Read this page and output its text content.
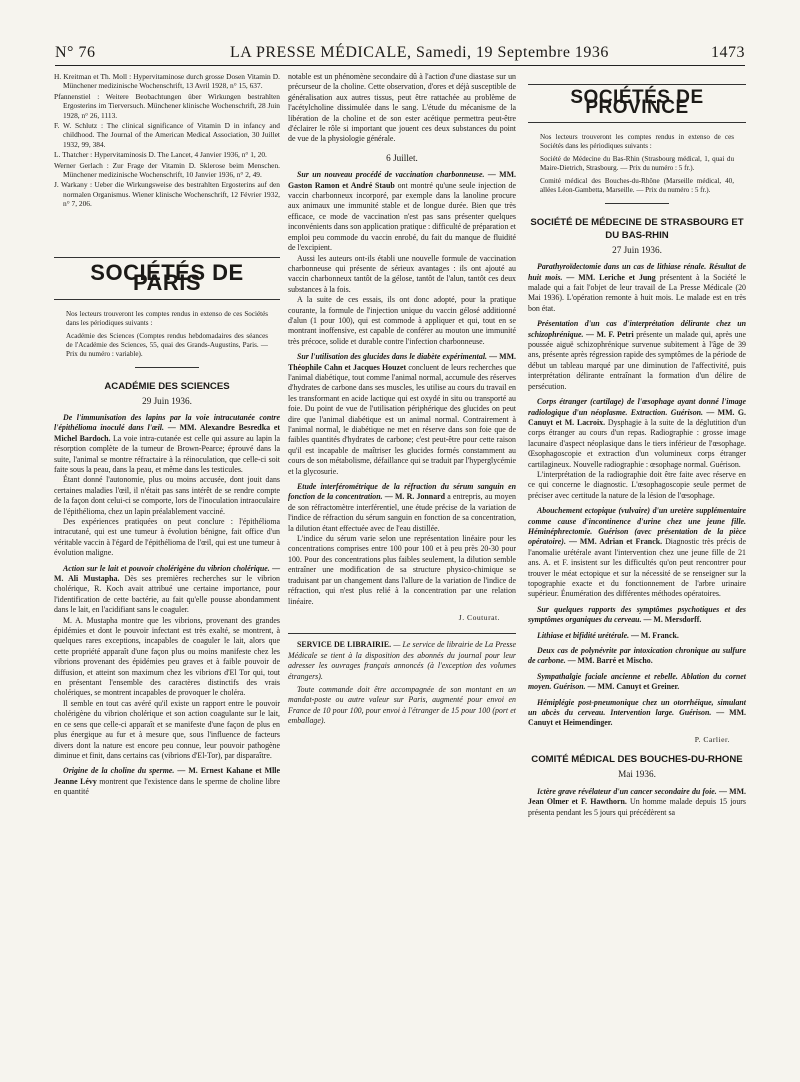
N° 76	LA PRESSE MÉDICALE, Samedi, 19 Septembre 1936	1473
H. Kreitman et Th. Moll : Hypervitaminose durch grosse Dosen Vitamin D. Münchener medizinische Wochenschrift, 13 Avril 1928, n° 15, 637.
Pfannenstiel : Weitere Beobachtungen über Wirkungen bestrahlten Ergosterins im Tierversuch. Münchener klinische Wochenschrift, 28 Juin 1928, n° 26, 1113.
F. W. Schlutz : The clinical significance of Vitamin D in infancy and childhood. The Journal of the American Medical Association, 30 Juillet 1932, 99, 384.
L. Thatcher : Hypervitaminosis D. The Lancet, 4 Janvier 1936, n° 1, 20.
Werner Gerlach : Zur Frage der Vitamin D. Sklerose beim Menschen. Münchener medizinische Wochenschrift, 10 Janvier 1936, n° 2, 49.
J. Warkany : Ueber die Wirkungsweise des bestrahlten Ergosterins auf den normalen Organismus. Wiener klinische Wochenschrift, 12 Février 1932, n° 7, 206.
SOCIÉTÉS DE PARIS

Nos lecteurs trouveront les comptes rendus in extenso de ces Sociétés dans les périodiques suivants :

Académie des Sciences (Comptes rendus hebdomadaires des séances de l'Académie des Sciences, 55, quai des Grands-Augustins, Paris. — Prix du numéro : variable).

ACADÉMIE DES SCIENCES
29 Juin 1936.

De l'immunisation des lapins par la voie intracutanée contre l'épithélioma inoculé dans l'œil. — MM. Alexandre Besredka et Michel Bardoch. La voie intra-cutanée est celle qui assure au lapin la résorption complète de la tumeur de Brown-Pearce; éprouvé dans la suite, l'animal se montre réfractaire à la réinoculation, que celle-ci soit faite sous la peau, dans la peau, et même dans les testicules.

Étant donné l'autonomie, plus ou moins accusée, dont jouit dans certaines maladies l'œil, il n'était pas sans intérêt de se rendre compte de la façon dont celui-ci se comporte, lors de l'inoculation intraoculaire de l'épithélioma, chez un lapin préalablement vacciné.

Des expériences pratiquées on peut conclure : l'épithélioma intracutané, qui est une tumeur à évolution bénigne, fait office d'un véritable vaccin à l'égard de l'épithélioma de l'œil, qui est une tumeur à évolution maligne.

Action sur le lait et pouvoir cholérigène du vibrion cholérique. — M. Ali Mustapha. Dès ses premières recherches sur le vibrion cholérique, R. Koch avait attribué une certaine importance, pour l'identification de cette bactérie, au fait qu'elle pousse abondamment dans le lait, en l'acidifiant sans le coaguler.

M. A. Mustapha montre que les vibrions, provenant des grandes épidémies et dont le pouvoir infectant est très exalté, se montrent, à quelques rares exceptions, incapables de coaguler le lait, alors que cette propriété apparaît d'une façon plus ou moins manifeste chez les vibrions provenant des épidémies peu graves et à faible pouvoir de diffusion, et atteint son maximum chez les vibrions d'El Tor qui, tout en présentant l'ensemble des caractères distinctifs des vrais cholériques, se montrent incapables de provoquer le choléra.

Il semble en tout cas avéré qu'il existe un rapport entre le pouvoir cholérigène du vibrion cholérique et son action coagulante sur le lait, en ce sens que celle-ci apparaît et se manifeste d'une façon de plus en plus énergique au fur et à mesure que, sous l'influence de facteurs divers dont la nature est encore peu connue, leur pouvoir pathogène diminue et finit, dans certains cas (vibrions d'El-Tor), par disparaître.

Origine de la choline du sperme. — M. Ernest Kahane et Mlle Jeanne Lévy montrent que l'existence dans le sperme de choline libre en quantité

notable est un phénomène secondaire dû à l'action d'une diastase sur un précurseur de la choline. Cette observation, d'ores et déjà susceptible de généralisation aux autres tissus, peut être rattachée au problème de l'acétylcholine dissimulée dans le sang. L'étude du mécanisme de la libération de la choline et de son ester acétique permettra peut-être d'éclairer le rôle si important que jouent ces deux substances du point de vue de la physiologie générale.

6 Juillet.

Sur un nouveau procédé de vaccination charbonneuse. — MM. Gaston Ramon et André Staub ont montré qu'une seule injection de vaccin charbonneux incorporé, par exemple dans la lanoline procure aux animaux une immunité stable et de longue durée. Bien que très efficace, ce mode de vaccination n'est pas sans présenter quelques inconvénients dans son application pratique : difficulté de préparation et emploi peu commode du vaccin enrobé, du fait du manque de fluidité de l'excipient.

Aussi les auteurs ont-ils établi une nouvelle formule de vaccination charbonneuse qui présente de sérieux avantages : ils ont ajouté au vaccin charbonneux tantôt de la gélose, tantôt de l'alun, tantôt ces deux substances à la fois.

A la suite de ces essais, ils ont donc adopté, pour la pratique courante, la formule de l'injection unique du vaccin gélosé additionné d'alun (1 pour 100), qui est commode à appliquer et qui, tout en se montrant inoffensive, est capable de conférer au mouton une immunité très précoce, solide et durable contre l'infection charbonneuse.

Sur l'utilisation des glucides dans le diabète expérimental. — MM. Théophile Cahn et Jacques Houzet concluent de leurs recherches que l'animal diabétique, tout comme l'animal normal, accumule des réserves d'hydrates de carbone dans ses muscles, les utilise au cours du travail en les transformant en acide lactique qui est oxydé in situ ou transporté au foie. Du point de vue de l'utilisation périphérique des glucides on peut dire que l'animal diabétique est un animal normal. Contrairement à l'animal normal, le diabétique ne met en réserve dans son foie que de faibles quantités d'hydrates de carbone; c'est peut-être pour cette raison qu'il est incapable de maîtriser les glucides formés constamment au cours de son métabolisme, défaillance qui se traduit par l'hyperglycémie et la glycosurie.

Etude interférométrique de la réfraction du sérum sanguin en fonction de la concentration. — M. R. Jonnard a entrepris, au moyen de son réfractomètre interférentiel, une étude précise de la variation de l'indice de réfraction du sérum sanguin en fonction de sa concentration, la dilution étant effectuée avec de l'eau distillée.

L'indice du sérum varie selon une représentation linéaire pour les concentrations comprises entre 100 pour 100 et à peu près 20-30 pour 100. Pour des concentrations plus faibles seulement, la dilution semble entraîner une modification de sa structure physico-chimique se traduisant par un changement dans l'allure de la variation de l'indice de réfraction, qui n'est plus relié à la concentration par une relation linéaire.

J. Couturat.

SERVICE DE LIBRAIRIE. — Le service de librairie de La Presse Médicale se tient à la disposition des abonnés du journal pour leur adresser les ouvrages français annoncés (à l'exception des volumes étrangers).

Toute commande doit être accompagnée de son montant en un mandat-poste ou autre valeur sur Paris, augmenté pour envoi en France de 10 pour 100, pour envoi à l'étranger de 15 pour 100 (port et emballage).

SOCIÉTÉS DE PROVINCE

Nos lecteurs trouveront les comptes rendus in extenso de ces Sociétés dans les périodiques suivants :

Société de Médecine du Bas-Rhin (Strasbourg médical, 1, quai du Maire-Dietrich, Strasbourg. — Prix du numéro : 5 fr.).

Comité médical des Bouches-du-Rhône (Marseille médical, 40, allées Léon-Gambetta, Marseille. — Prix du numéro : 5 fr.).

SOCIÉTÉ DE MÉDECINE DE STRASBOURG ET DU BAS-RHIN
27 Juin 1936.

Parathyroïdectomie dans un cas de lithiase rénale. Résultat de huit mois. — MM. Leriche et Jung présentent à la Société le malade qui a fait l'objet de leur travail de La Presse Médicale (20 Mai 1936). L'opération remonte à huit mois. Le malade est en très bon état.

Présentation d'un cas d'interprétation délirante chez un schizophrénique. — M. F. Petri présente un malade qui, après une poussée aiguë schizophrénique survenue subitement à l'âge de 39 ans, présente après régression rapide des symptômes de la période de début un tableau marqué par une diminution de l'affectivité, puis interprétation délirante entraînant la formation d'un délire de persécution.

Corps étranger (cartilage) de l'œsophage ayant donné l'image radiologique d'un néoplasme. Extraction. Guérison. — MM. G. Canuyt et M. Lacroix. Dysphagie à la suite de la déglutition d'un corps étranger au cours d'un repas. Radiographie : grosse image lacunaire d'aspect néoplasique dans le tiers inférieur de l'œsophage. Œsophagoscopie et extraction d'un volumineux corps étranger cartilagineux. Nouvelle radiographie : œsophage normal. Guérison.

L'interprétation de la radiographie doit être faite avec réserve en ce qui concerne le diagnostic. L'œsophagoscopie seule permet de préciser avec certitude la nature de la lésion de l'œsophage.

Abouchement ectopique (vulvaire) d'un uretère supplémentaire comme cause d'incontinence d'urine chez une jeune fille. Héminéphrectomie. Guérison (avec présentation de la pièce opératoire). — MM. Adrian et Franck. Diagnostic très précis de l'anomalie urétérale avant l'intervention chez une jeune fille de 21 ans. A. et F. insistent sur les difficultés qu'on peut rencontrer pour trouver le méat ectopique et sur la nécessité de se renseigner sur la topographie exacte et du fonctionnement de l'arbre urinaire supérieur. Énumération des différentes méthodes opératoires.

Sur quelques rapports des symptômes psychotiques et des symptômes organiques du cerveau. — M. Mersdorff.

Lithiase et bifidité urétérale. — M. Franck.

Deux cas de polynévrite par intoxication chronique au sulfure de carbone. — MM. Barré et Mischo.

Sympathalgie faciale ancienne et rebelle. Ablation du cornet moyen. Guérison. — MM. Canuyt et Greiner.

Hémiplégie post-pneumonique chez un otorrhéique, simulant un abcès du cerveau. Intervention large. Guérison. — MM. Canuyt et Heimendinger.

P. Carlier.
COMITÉ MÉDICAL DES BOUCHES-DU-RHONE
Mai 1936.

Ictère grave révélateur d'un cancer secondaire du foie. — MM. Jean Olmer et F. Hawthorn. Un homme malade depuis 15 jours présenta pendant les 5 jours qui précédèrent sa
